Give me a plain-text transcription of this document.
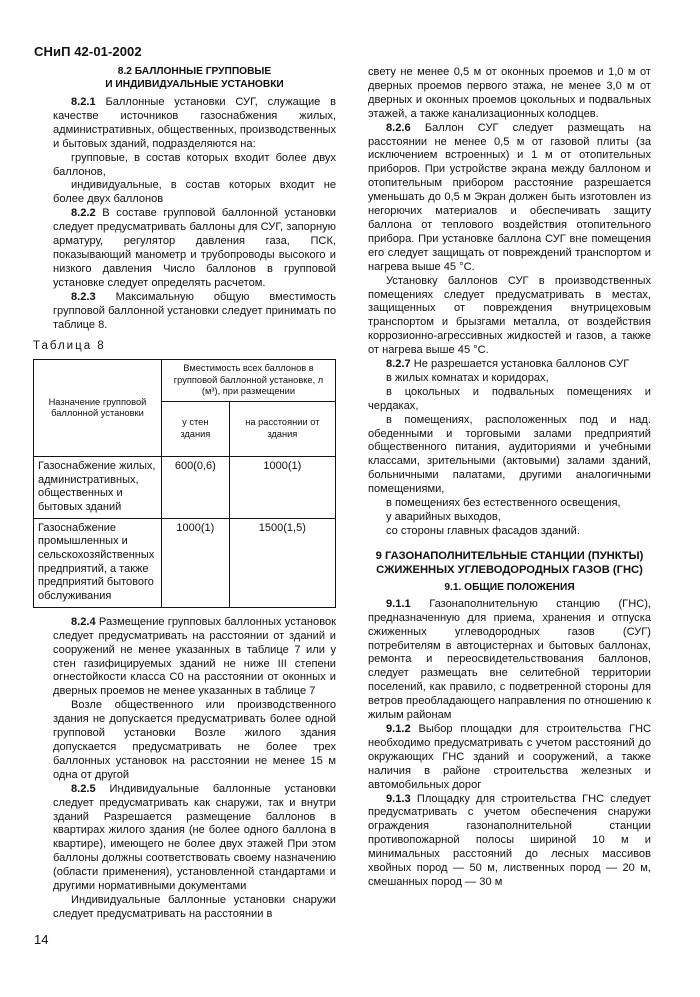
СНиП 42-01-2002

8.2 БАЛЛОННЫЕ ГРУППОВЫЕ
И ИНДИВИДУАЛЬНЫЕ УСТАНОВКИ

8.2.1 Баллонные установки СУГ, служащие в качестве источников газоснабжения жилых, административных, общественных, производственных и бытовых зданий, подразделяются на:

групповые, в состав которых входит более двух баллонов,

индивидуальные, в состав которых входит не более двух баллонов

8.2.2 В составе групповой баллонной установки следует предусматривать баллоны для СУГ, запорную арматуру, регулятор давления газа, ПСК, показывающий манометр и трубопроводы высокого и низкого давления Число баллонов в групповой установке следует определять расчетом.

8.2.3 Максимальную общую вместимость групповой баллонной установки следует принимать по таблице 8.

Таблица 8

Назначение групповой баллонной установки	Вместимость всех баллонов в групповой баллонной установке, л (м³), при размещении	
	у стен здания	на расстоянии от здания
Газоснабжение жилых, административных, общественных и бытовых зданий	600(0,6)	1000(1)
Газоснабжение промышленных и сельскохозяйственных предприятий, а также предприятий бытового обслуживания	1000(1)	1500(1,5)

8.2.4 Размещение групповых баллонных установок следует предусматривать на расстоянии от зданий и сооружений не менее указанных в таблице 7 или у стен газифицируемых зданий не ниже III степени огнестойкости класса С0 на расстоянии от оконных и дверных проемов не менее указанных в таблице 7

Возле общественного или производственного здания не допускается предусматривать более одной групповой установки Возле жилого здания допускается предусматривать не более трех баллонных установок на расстоянии не менее 15 м одна от другой

8.2.5 Индивидуальные баллонные установки следует предусматривать как снаружи, так и внутри зданий Разрешается размещение баллонов в квартирах жилого здания (не более одного баллона в квартире), имеющего не более двух этажей При этом баллоны должны соответствовать своему назначению (области применения), установленной стандартами и другими нормативными документами

Индивидуальные баллонные установки снаружи следует предусматривать на расстоянии в

свету не менее 0,5 м от оконных проемов и 1,0 м от дверных проемов первого этажа, не менее 3,0 м от дверных и оконных проемов цокольных и подвальных этажей, а также канализационных колодцев.

8.2.6 Баллон СУГ следует размещать на расстоянии не менее 0,5 м от газовой плиты (за исключением встроенных) и 1 м от отопительных приборов. При устройстве экрана между баллоном и отопительным прибором расстояние разрешается уменьшать до 0,5 м Экран должен быть изготовлен из негорючих материалов и обеспечивать защиту баллона от теплового воздействия отопительного прибора. При установке баллона СУГ вне помещения его следует защищать от повреждений транспортом и нагрева выше 45 °С.

Установку баллонов СУГ в производственных помещениях следует предусматривать в местах, защищенных от повреждения внутрицеховым транспортом и брызгами металла, от воздействия коррозионно-агрессивных жидкостей и газов, а также от нагрева выше 45 °С.

8.2.7 Не разрешается установка баллонов СУГ

в жилых комнатах и коридорах,

в цокольных и подвальных помещениях и чердаках,

в помещениях, расположенных под и над. обеденными и торговыми залами предприятий общественного питания, аудиториями и учебными классами, зрительными (актовыми) залами зданий, больничными палатами, другими аналогичными помещениями,

в помещениях без естественного освещения,

у аварийных выходов,

со стороны главных фасадов зданий.

9 ГАЗОНАПОЛНИТЕЛЬНЫЕ СТАНЦИИ (ПУНКТЫ) СЖИЖЕННЫХ УГЛЕВОДОРОДНЫХ ГАЗОВ (ГНС)

9.1. ОБЩИЕ ПОЛОЖЕНИЯ

9.1.1 Газонаполнительную станцию (ГНС), предназначенную для приема, хранения и отпуска сжиженных углеводородных газов (СУГ) потребителям в автоцистернах и бытовых баллонах, ремонта и переосвидетельствования баллонов, следует размещать вне селитебной территории поселений, как правило, с подветренной стороны для ветров преобладающего направления по отношению к жилым районам

9.1.2 Выбор площадки для строительства ГНС необходимо предусматривать с учетом расстояний до окружающих ГНС зданий и сооружений, а также наличия в районе строительства железных и автомобильных дорог

9.1.3 Площадку для строительства ГНС следует предусматривать с учетом обеспечения снаружи ограждения газонаполнительной станции противопожарной полосы шириной 10 м и минимальных расстояний до лесных массивов хвойных пород — 50 м, лиственных пород — 20 м, смешанных пород — 30 м

14
